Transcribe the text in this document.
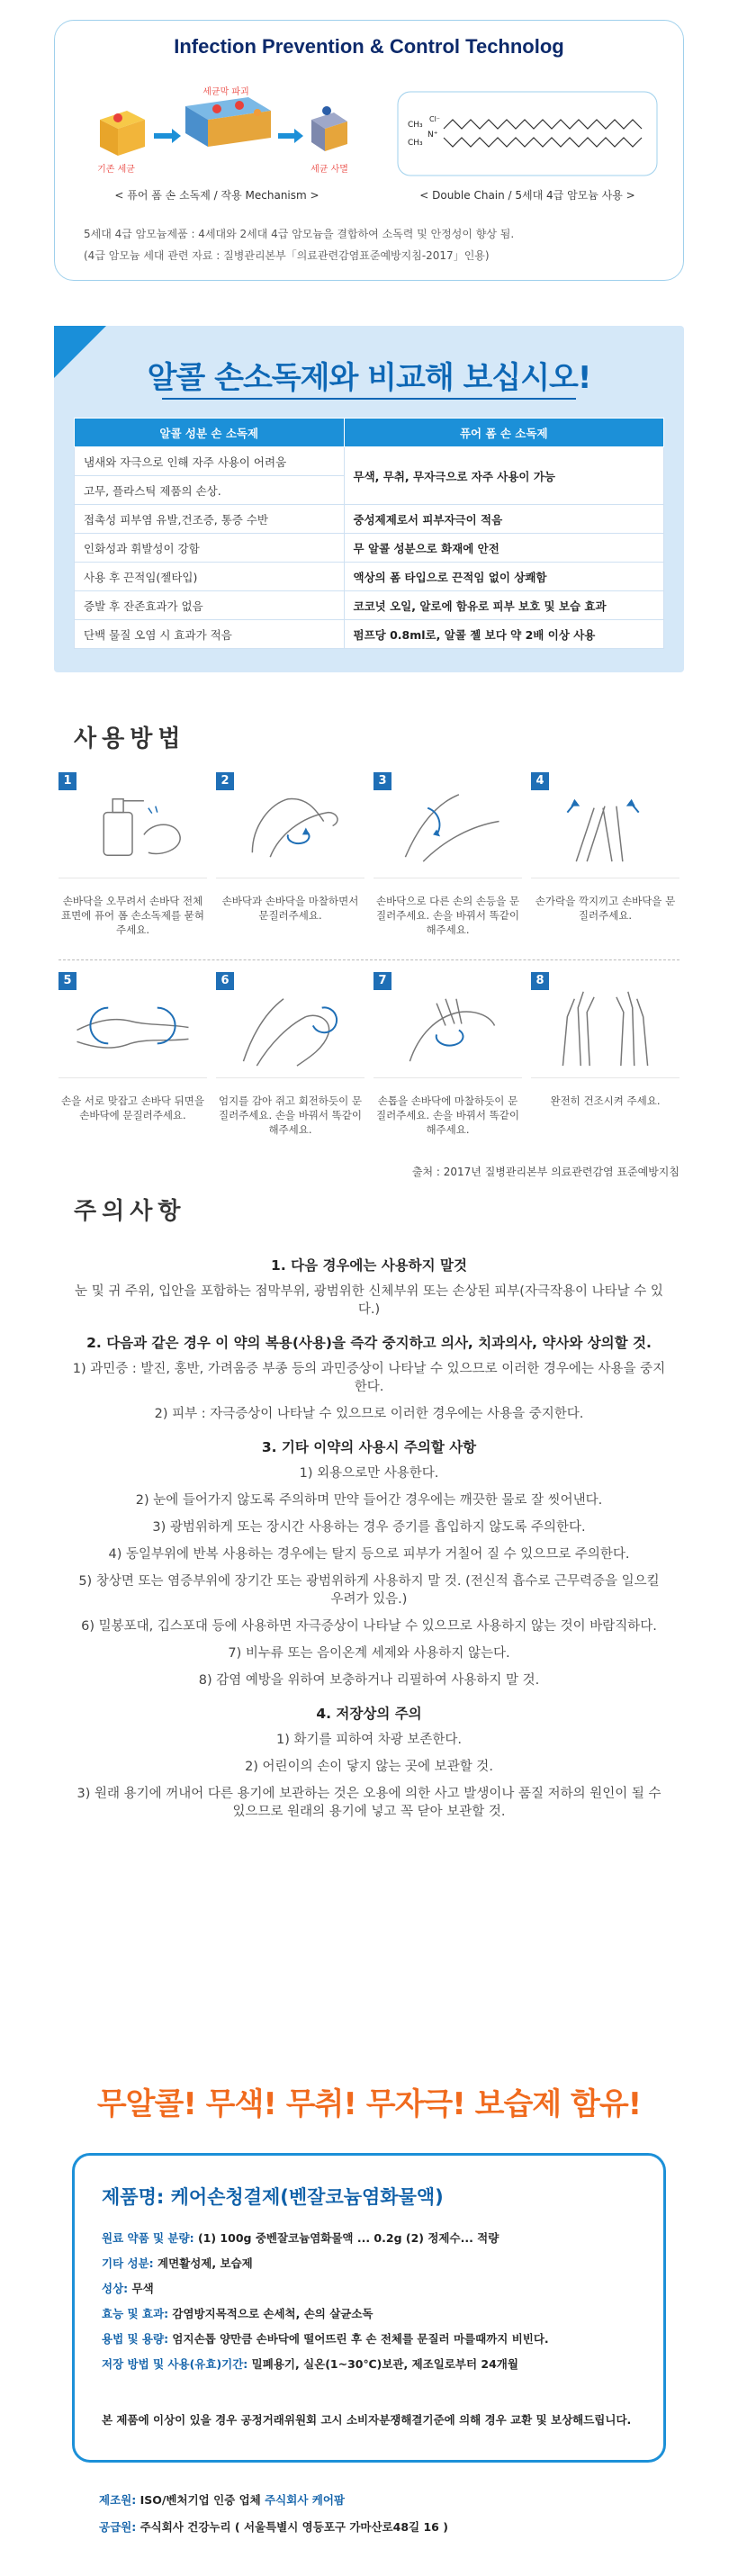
Infection Prevention & Control Technolog
기존 세균
세균막 파괴
세균 사멸
CH₃
CH₃
N⁺
Cl⁻
< 퓨어 폼 손 소독제 / 작용 Mechanism >	< Double Chain / 5세대 4급 암모늄 사용 >
5세대 4급 암모늄제품 : 4세대와 2세대 4급 암모늄을 결합하여 소독력 및 안정성이 향상 됨.
(4급 암모늄 세대 관련 자료 : 질병관리본부「의료관련감염표준예방지침-2017」인용)
알콜 손소독제와 비교해 보십시오!
알콜 성분 손 소독제	퓨어 폼 손 소독제
냄새와 자극으로 인해 자주 사용이 어려움	무색, 무취, 무자극으로 자주 사용이 가능
고무, 플라스틱 제품의 손상.	
접촉성 피부염 유발,건조증, 통증 수반	중성제제로서 피부자극이 적음
인화성과 휘발성이 강함	무 알콜 성분으로 화재에 안전
사용 후 끈적임(젤타입)	액상의 폼 타입으로 끈적임 없이 상쾌함
증발 후 잔존효과가 없음	코코넛 오일, 알로에 함유로 피부 보호 및 보습 효과
단백 물질 오염 시 효과가 적음	펌프당 0.8ml로, 알콜 젤 보다 약 2배 이상 사용
사용방법
1
손바닥을 오무려서 손바닥 전체 표면에 퓨어 폼 손소독제를 묻혀주세요.
2
손바닥과 손바닥을 마찰하면서 문질러주세요.
3
손바닥으로 다른 손의 손등을 문질러주세요. 손을 바꿔서 똑같이 해주세요.
4
손가락을 깍지끼고 손바닥을 문질러주세요.
5
손을 서로 맞잡고 손바닥 뒤면을 손바닥에 문질러주세요.
6
엄지를 감아 쥐고 회전하듯이 문질러주세요. 손을 바꿔서 똑같이 해주세요.
7
손톱을 손바닥에 마찰하듯이 문질러주세요. 손을 바꿔서 똑같이 해주세요.
8
완전히 건조시켜 주세요.
출처 : 2017년 질병관리본부 의료관련감염 표준예방지침
주의사항
1. 다음 경우에는 사용하지 말것
눈 및 귀 주위, 입안을 포함하는 점막부위, 광범위한 신체부위 또는 손상된 피부(자극작용이 나타날 수 있다.)
2. 다음과 같은 경우 이 약의 복용(사용)을 즉각 중지하고 의사, 치과의사, 약사와 상의할 것.
1) 과민증 : 발진, 홍반, 가려움증 부종 등의 과민증상이 나타날 수 있으므로 이러한 경우에는 사용을 중지한다.
2) 피부 : 자극증상이 나타날 수 있으므로 이러한 경우에는 사용을 중지한다.
3. 기타 이약의 사용시 주의할 사항
1) 외용으로만 사용한다.
2) 눈에 들어가지 않도록 주의하며 만약 들어간 경우에는 깨끗한 물로 잘 씻어낸다.
3) 광범위하게 또는 장시간 사용하는 경우 증기를 흡입하지 않도록 주의한다.
4) 동일부위에 반복 사용하는 경우에는 탈지 등으로 피부가 거칠어 질 수 있으므로 주의한다.
5) 창상면 또는 염증부위에 장기간 또는 광범위하게 사용하지 말 것. (전신적 흡수로 근무력증을 일으킬 우려가 있음.)
6) 밀봉포대, 깁스포대 등에 사용하면 자극증상이 나타날 수 있으므로 사용하지 않는 것이 바람직하다.
7) 비누류 또는 음이온계 세제와 사용하지 않는다.
8) 감염 예방을 위하여 보충하거나 리필하여 사용하지 말 것.
4. 저장상의 주의
1) 화기를 피하여 차광 보존한다.
2) 어린이의 손이 닿지 않는 곳에 보관할 것.
3) 원래 용기에 꺼내어 다른 용기에 보관하는 것은 오용에 의한 사고 발생이나 품질 저하의 원인이 될 수 있으므로 원래의 용기에 넣고 꼭 닫아 보관할 것.
무알콜! 무색! 무취! 무자극! 보습제 함유!
제품명: 케어손청결제(벤잘코늄염화물액)
원료 약품 및 분량: (1) 100g 중벤잘코늄염화물액 ... 0.2g (2) 정제수... 적량
기타 성분: 계면활성제, 보습제
성상: 무색
효능 및 효과: 감염방지목적으로 손세척, 손의 살균소독
용법 및 용량: 엄지손톱 양만큼 손바닥에 떨어뜨린 후 손 전체를 문질러 마를때까지 비빈다.
저장 방법 및 사용(유효)기간: 밀폐용기, 실온(1~30℃)보관, 제조일로부터 24개월
본 제품에 이상이 있을 경우 공정거래위원회 고시 소비자분쟁해결기준에 의해 경우 교환 및 보상해드립니다.
제조원: ISO/벤처기업 인증 업체 주식회사 케어팜
공급원: 주식회사 건강누리 ( 서울특별시 영등포구 가마산로48길 16 )
